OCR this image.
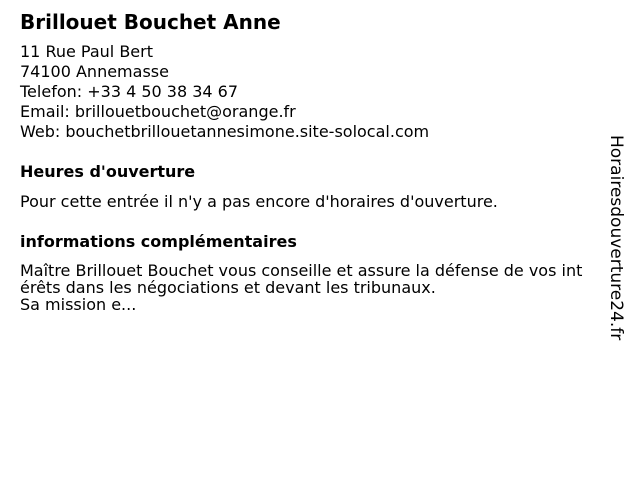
Brillouet Bouchet Anne
11 Rue Paul Bert
74100 Annemasse
Telefon: +33 4 50 38 34 67
Email: brillouetbouchet@orange.fr
Web: bouchetbrillouetannesimone.site-solocal.com
Heures d'ouverture
Pour cette entrée il n'y a pas encore d'horaires d'ouverture.
informations complémentaires
Maître Brillouet Bouchet vous conseille et assure la défense de vos intérêts dans les négociations et devant les tribunaux.
Sa mission e...	Horairesdouverture24.fr
